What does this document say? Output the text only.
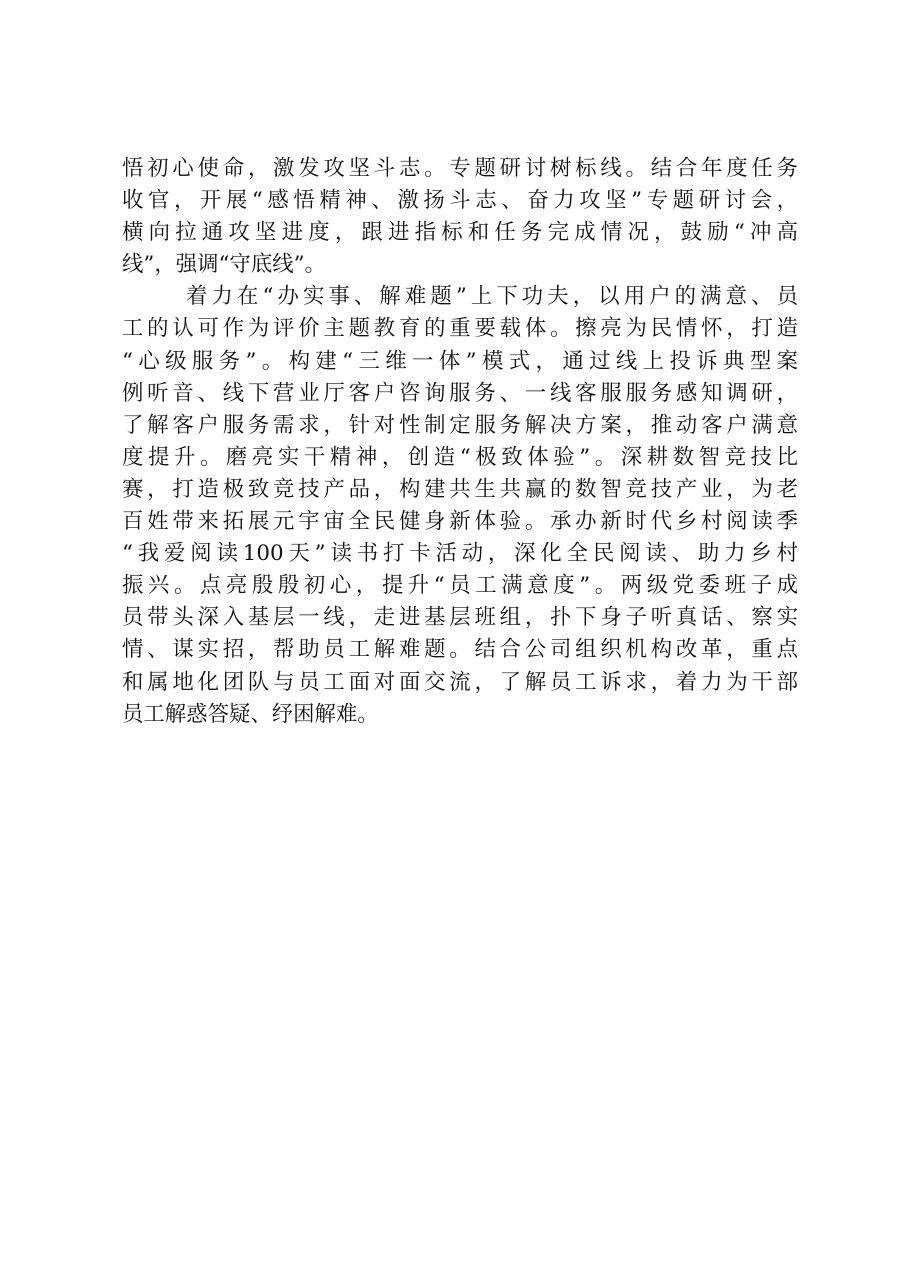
悟初心使命，激发攻坚斗志。专题研讨树标线。结合年度任务
收官，开展“感悟精神、激扬斗志、奋力攻坚”专题研讨会，
横向拉通攻坚进度，跟进指标和任务完成情况，鼓励“冲高
线”，强调“守底线”。
着力在“办实事、解难题”上下功夫，以用户的满意、员
工的认可作为评价主题教育的重要载体。擦亮为民情怀，打造
“心级服务”。构建“三维一体”模式，通过线上投诉典型案
例听音、线下营业厅客户咨询服务、一线客服服务感知调研，
了解客户服务需求，针对性制定服务解决方案，推动客户满意
度提升。磨亮实干精神，创造“极致体验”。深耕数智竞技比
赛，打造极致竞技产品，构建共生共赢的数智竞技产业，为老
百姓带来拓展元宇宙全民健身新体验。承办新时代乡村阅读季
“我爱阅读100天”读书打卡活动，深化全民阅读、助力乡村
振兴。点亮殷殷初心，提升“员工满意度”。两级党委班子成
员带头深入基层一线，走进基层班组，扑下身子听真话、察实
情、谋实招，帮助员工解难题。结合公司组织机构改革，重点
和属地化团队与员工面对面交流，了解员工诉求，着力为干部
员工解惑答疑、纾困解难。
